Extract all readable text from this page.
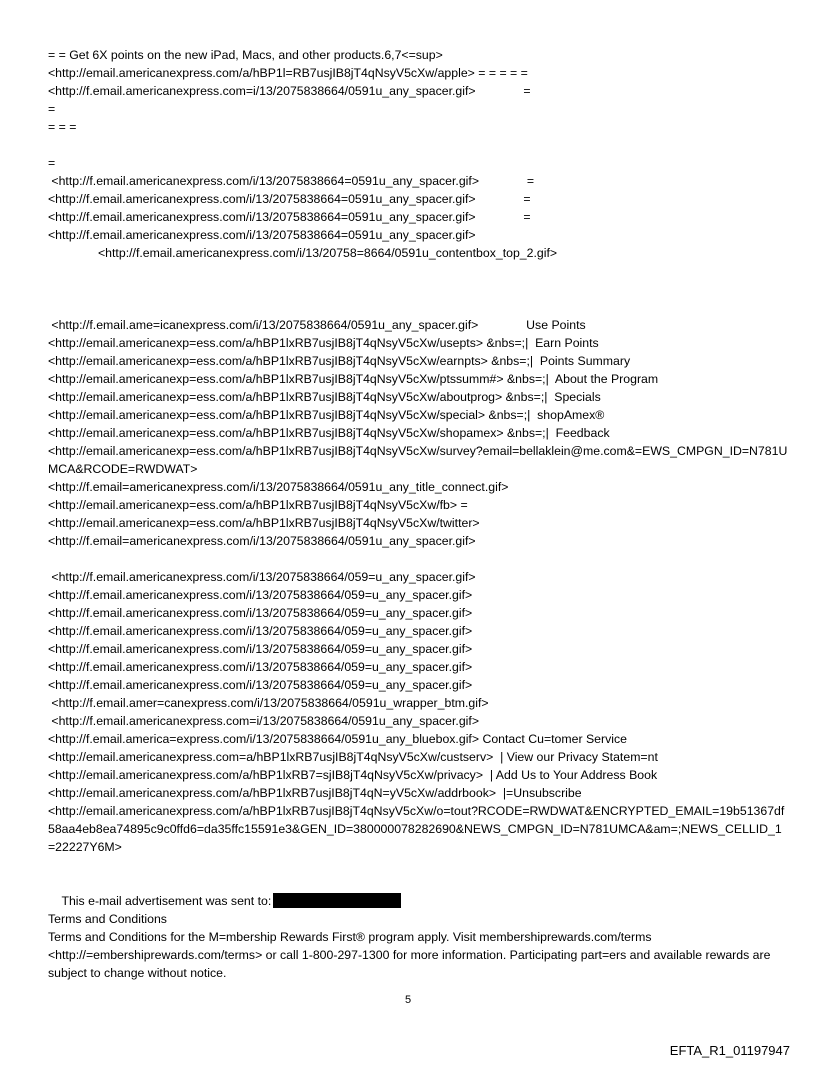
= = Get 6X points on the new iPad, Macs, and other products.6,7<=sup>
<http://email.americanexpress.com/a/hBP1l=RB7usjIB8jT4qNsyV5cXw/apple> = = = = =
<http://f.email.americanexpress.com=i/13/2075838664/0591u_any_spacer.gif>              =
=
= = =
=
<http://f.email.americanexpress.com/i/13/2075838664=0591u_any_spacer.gif>              =
<http://f.email.americanexpress.com/i/13/2075838664=0591u_any_spacer.gif>              =
<http://f.email.americanexpress.com/i/13/2075838664=0591u_any_spacer.gif>              =
<http://f.email.americanexpress.com/i/13/2075838664=0591u_any_spacer.gif>
<http://f.email.americanexpress.com/i/13/20758=8664/0591u_contentbox_top_2.gif>
<http://f.email.ame=icanexpress.com/i/13/2075838664/0591u_any_spacer.gif>              Use Points
<http://email.americanexp=ess.com/a/hBP1lxRB7usjIB8jT4qNsyV5cXw/usepts> &nbs=;|  Earn Points
<http://email.americanexp=ess.com/a/hBP1lxRB7usjIB8jT4qNsyV5cXw/earnpts> &nbs=;|  Points Summary
<http://email.americanexp=ess.com/a/hBP1lxRB7usjIB8jT4qNsyV5cXw/ptssumm#> &nbs=;|  About the Program
<http://email.americanexp=ess.com/a/hBP1lxRB7usjIB8jT4qNsyV5cXw/aboutprog> &nbs=;|  Specials
<http://email.americanexp=ess.com/a/hBP1lxRB7usjIB8jT4qNsyV5cXw/special> &nbs=;|  shopAmex®
<http://email.americanexp=ess.com/a/hBP1lxRB7usjIB8jT4qNsyV5cXw/shopamex> &nbs=;|  Feedback
<http://email.americanexp=ess.com/a/hBP1lxRB7usjIB8jT4qNsyV5cXw/survey?email=bellaklein@me.com&=EWS_CMPGN_ID=N781UMCA&RCODE=RWDWAT>
<http://f.email=americanexpress.com/i/13/2075838664/0591u_any_title_connect.gif>
<http://email.americanexp=ess.com/a/hBP1lxRB7usjIB8jT4qNsyV5cXw/fb> =
<http://email.americanexp=ess.com/a/hBP1lxRB7usjIB8jT4qNsyV5cXw/twitter>
<http://f.email=americanexpress.com/i/13/2075838664/0591u_any_spacer.gif>
<http://f.email.americanexpress.com/i/13/2075838664/059=u_any_spacer.gif>
<http://f.email.americanexpress.com/i/13/2075838664/059=u_any_spacer.gif>
<http://f.email.americanexpress.com/i/13/2075838664/059=u_any_spacer.gif>
<http://f.email.americanexpress.com/i/13/2075838664/059=u_any_spacer.gif>
<http://f.email.americanexpress.com/i/13/2075838664/059=u_any_spacer.gif>
<http://f.email.americanexpress.com/i/13/2075838664/059=u_any_spacer.gif>
<http://f.email.americanexpress.com/i/13/2075838664/059=u_any_spacer.gif>
<http://f.email.amer=canexpress.com/i/13/2075838664/0591u_wrapper_btm.gif>
<http://f.email.americanexpress.com=i/13/2075838664/0591u_any_spacer.gif>
<http://f.email.america=express.com/i/13/2075838664/0591u_any_bluebox.gif> Contact Cu=tomer Service
<http://email.americanexpress.com=a/hBP1lxRB7usjIB8jT4qNsyV5cXw/custserv>  | View our Privacy Statem=nt
<http://email.americanexpress.com/a/hBP1lxRB7=sjIB8jT4qNsyV5cXw/privacy>  | Add Us to Your Address Book
<http://email.americanexpress.com/a/hBP1lxRB7usjIB8jT4qN=yV5cXw/addrbook>  |=Unsubscribe
<http://email.americanexpress.com/a/hBP1lxRB7usjIB8jT4qNsyV5cXw/o=tout?RCODE=RWDWAT&ENCRYPTED_EMAIL=19b51367df58aa4eb8ea74895c9c0ffd6=da35ffc15591e3&GEN_ID=380000078282690&NEWS_CMPGN_ID=N781UMCA&am=;NEWS_CELLID_1=22227Y6M>

This e-mail advertisement was sent to:

Terms and Conditions
Terms and Conditions for the M=mbership Rewards First® program apply. Visit membershiprewards.com/terms <http://=embershiprewards.com/terms> or call 1-800-297-1300 for more information. Participating part=ers and available rewards are subject to change without notice.
5
EFTA_R1_01197947
